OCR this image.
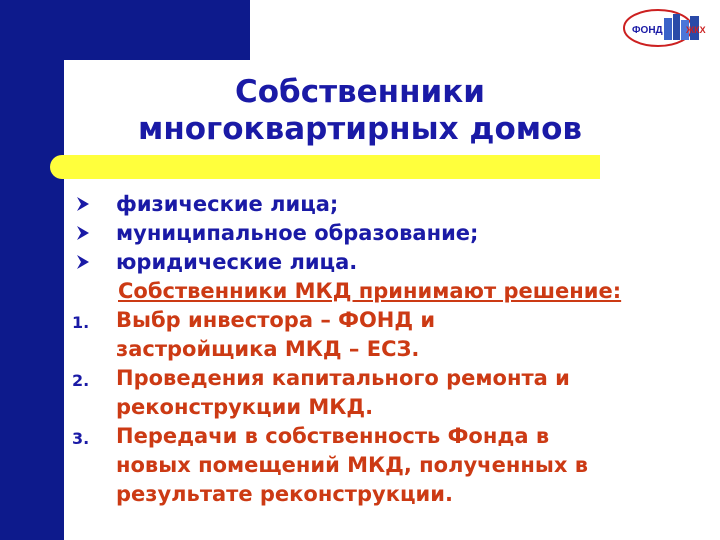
Собственники
многоквартирных домов
ФОНД	ЖКХ
физические лица;
муниципальное образование;
юридические лица.
Собственники МКД принимают решение:
1. Выбр инвестора – ФОНД и
застройщика МКД – ЕСЗ.
2. Проведения капитального ремонта и
реконструкции МКД.
3. Передачи в собственность Фонда в
новых помещений МКД, полученных в
результате реконструкции.
